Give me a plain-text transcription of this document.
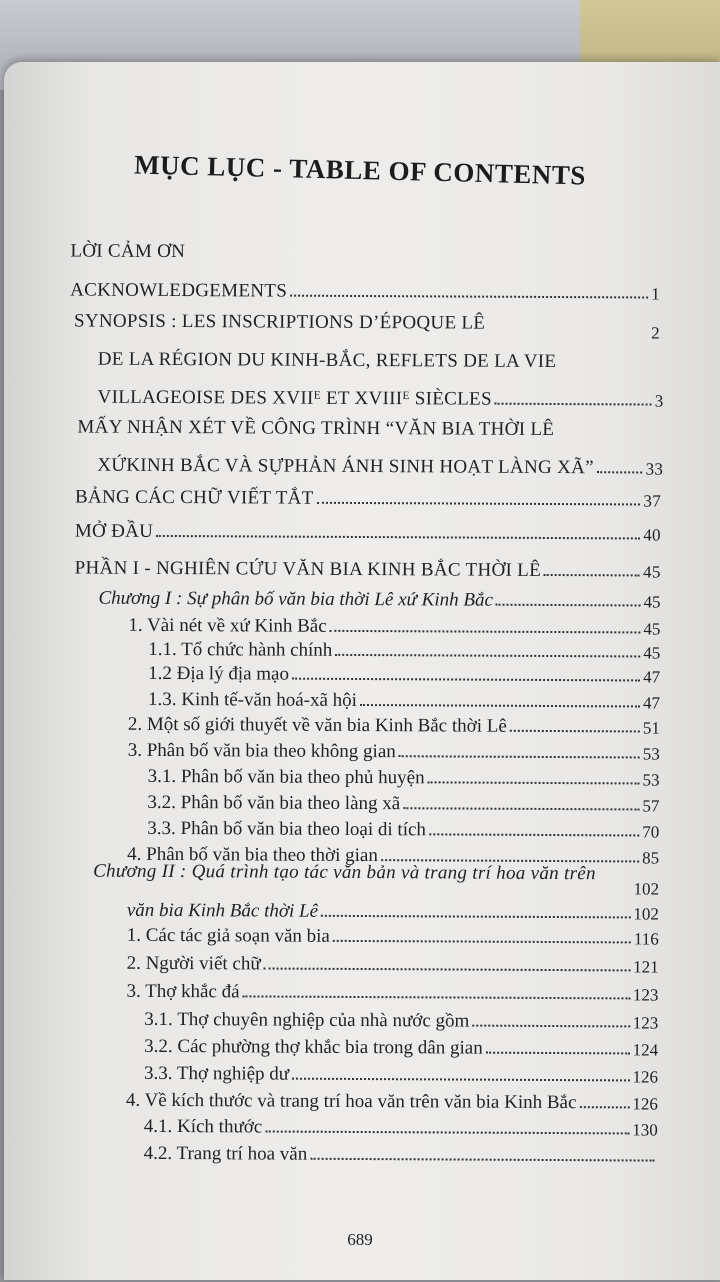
MỤC LỤC - TABLE OF CONTENTS
LỜI CẢM ƠN
ACKNOWLEDGEMENTS	1
SYNOPSIS : LES INSCRIPTIONS D’ÉPOQUE LÊ	2
DE LA RÉGION DU KINH-BẮC, REFLETS DE LA VIE
VILLAGEOISE DES XVIIᴱ ET XVIIIᴱ SIÈCLES	3
MẤY NHẬN XÉT VỀ CÔNG TRÌNH “VĂN BIA THỜI LÊ
XỨKINH BẮC VÀ SỰPHẢN ÁNH SINH HOẠT LÀNG XÃ”	33
BẢNG CÁC CHỮ VIẾT TẮT	37
MỞ ĐẦU	40
PHẦN I - NGHIÊN CỨU VĂN BIA KINH BẮC THỜI LÊ	45
Chương I : Sự phân bố văn bia thời Lê xứ Kinh Bắc	45
1. Vài nét về xứ Kinh Bắc	45
1.1. Tổ chức hành chính	45
1.2 Địa lý địa mạo	47
1.3. Kinh tế-văn hoá-xã hội	47
2. Một số giới thuyết về văn bia Kinh Bắc thời Lê	51
3. Phân bố văn bia theo không gian	53
3.1. Phân bố văn bia theo phủ huyện	53
3.2. Phân bố văn bia theo làng xã	57
3.3. Phân bố văn bia theo loại di tích	70
4. Phân bố văn bia theo thời gian	85
Chương II : Quá trình tạo tác văn bản và trang trí hoa văn trên
102
văn bia Kinh Bắc thời Lê	102
1. Các tác giả soạn văn bia	116
2. Người viết chữ	121
3. Thợ khắc đá	123
3.1. Thợ chuyên nghiệp của nhà nước gồm	123
3.2. Các phường thợ khắc bia trong dân gian	124
3.3. Thợ nghiệp dư	126
4. Về kích thước và trang trí hoa văn trên văn bia Kinh Bắc	126
4.1. Kích thước	130
4.2. Trang trí hoa văn
689
